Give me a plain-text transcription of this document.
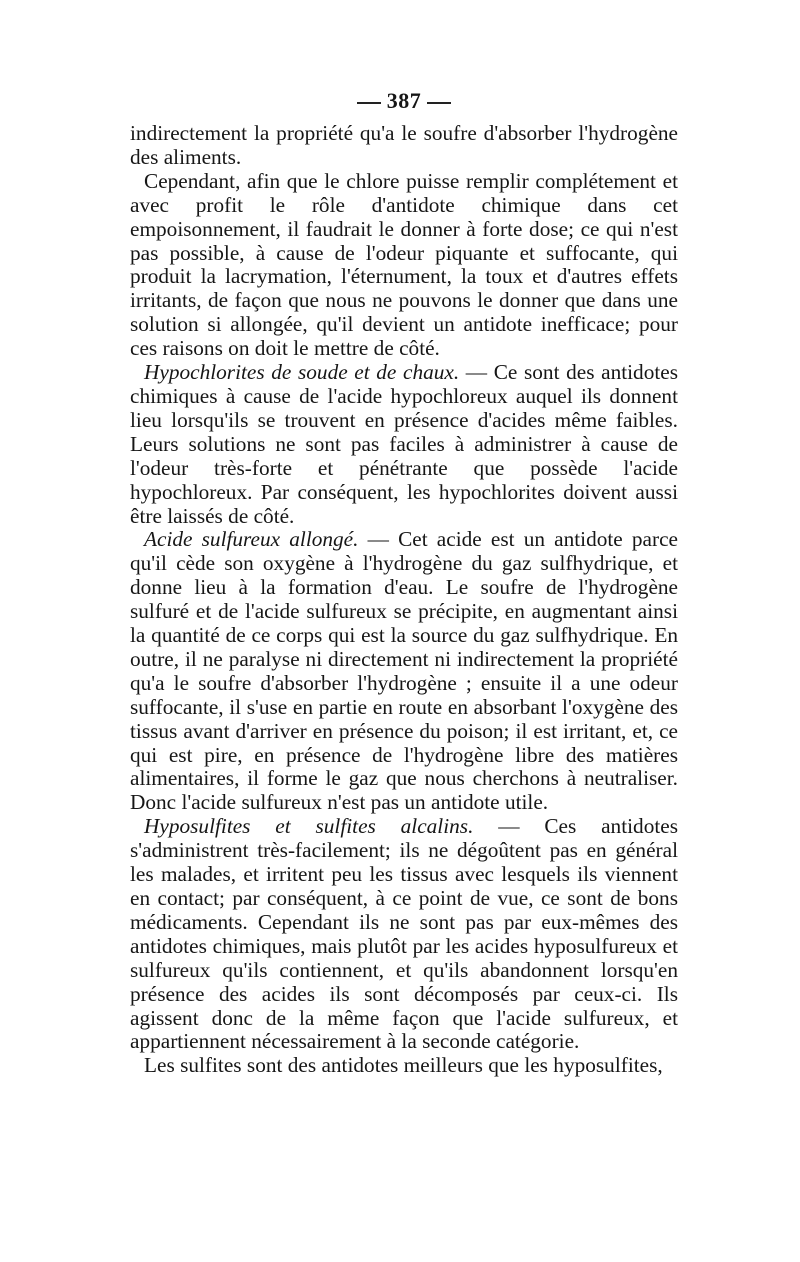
387

indirectement la propriété qu'a le soufre d'absorber l'hydrogène des aliments.

Cependant, afin que le chlore puisse remplir complétement et avec profit le rôle d'antidote chimique dans cet empoisonnement, il faudrait le donner à forte dose; ce qui n'est pas possible, à cause de l'odeur piquante et suffocante, qui produit la lacrymation, l'éternument, la toux et d'autres effets irritants, de façon que nous ne pouvons le donner que dans une solution si allongée, qu'il devient un antidote inefficace; pour ces raisons on doit le mettre de côté.

Hypochlorites de soude et de chaux. — Ce sont des antidotes chimiques à cause de l'acide hypochloreux auquel ils donnent lieu lorsqu'ils se trouvent en présence d'acides même faibles. Leurs solutions ne sont pas faciles à administrer à cause de l'odeur très-forte et pénétrante que possède l'acide hypochloreux. Par conséquent, les hypochlorites doivent aussi être laissés de côté.

Acide sulfureux allongé. — Cet acide est un antidote parce qu'il cède son oxygène à l'hydrogène du gaz sulfhydrique, et donne lieu à la formation d'eau. Le soufre de l'hydrogène sulfuré et de l'acide sulfureux se précipite, en augmentant ainsi la quantité de ce corps qui est la source du gaz sulfhydrique. En outre, il ne paralyse ni directement ni indirectement la propriété qu'a le soufre d'absorber l'hydrogène ; ensuite il a une odeur suffocante, il s'use en partie en route en absorbant l'oxygène des tissus avant d'arriver en présence du poison; il est irritant, et, ce qui est pire, en présence de l'hydrogène libre des matières alimentaires, il forme le gaz que nous cherchons à neutraliser. Donc l'acide sulfureux n'est pas un antidote utile.

Hyposulfites et sulfites alcalins. — Ces antidotes s'administrent très-facilement; ils ne dégoûtent pas en général les malades, et irritent peu les tissus avec lesquels ils viennent en contact; par conséquent, à ce point de vue, ce sont de bons médicaments. Cependant ils ne sont pas par eux-mêmes des antidotes chimiques, mais plutôt par les acides hyposulfureux et sulfureux qu'ils contiennent, et qu'ils abandonnent lorsqu'en présence des acides ils sont décomposés par ceux-ci. Ils agissent donc de la même façon que l'acide sulfureux, et appartiennent nécessairement à la seconde catégorie.

Les sulfites sont des antidotes meilleurs que les hyposulfites,
